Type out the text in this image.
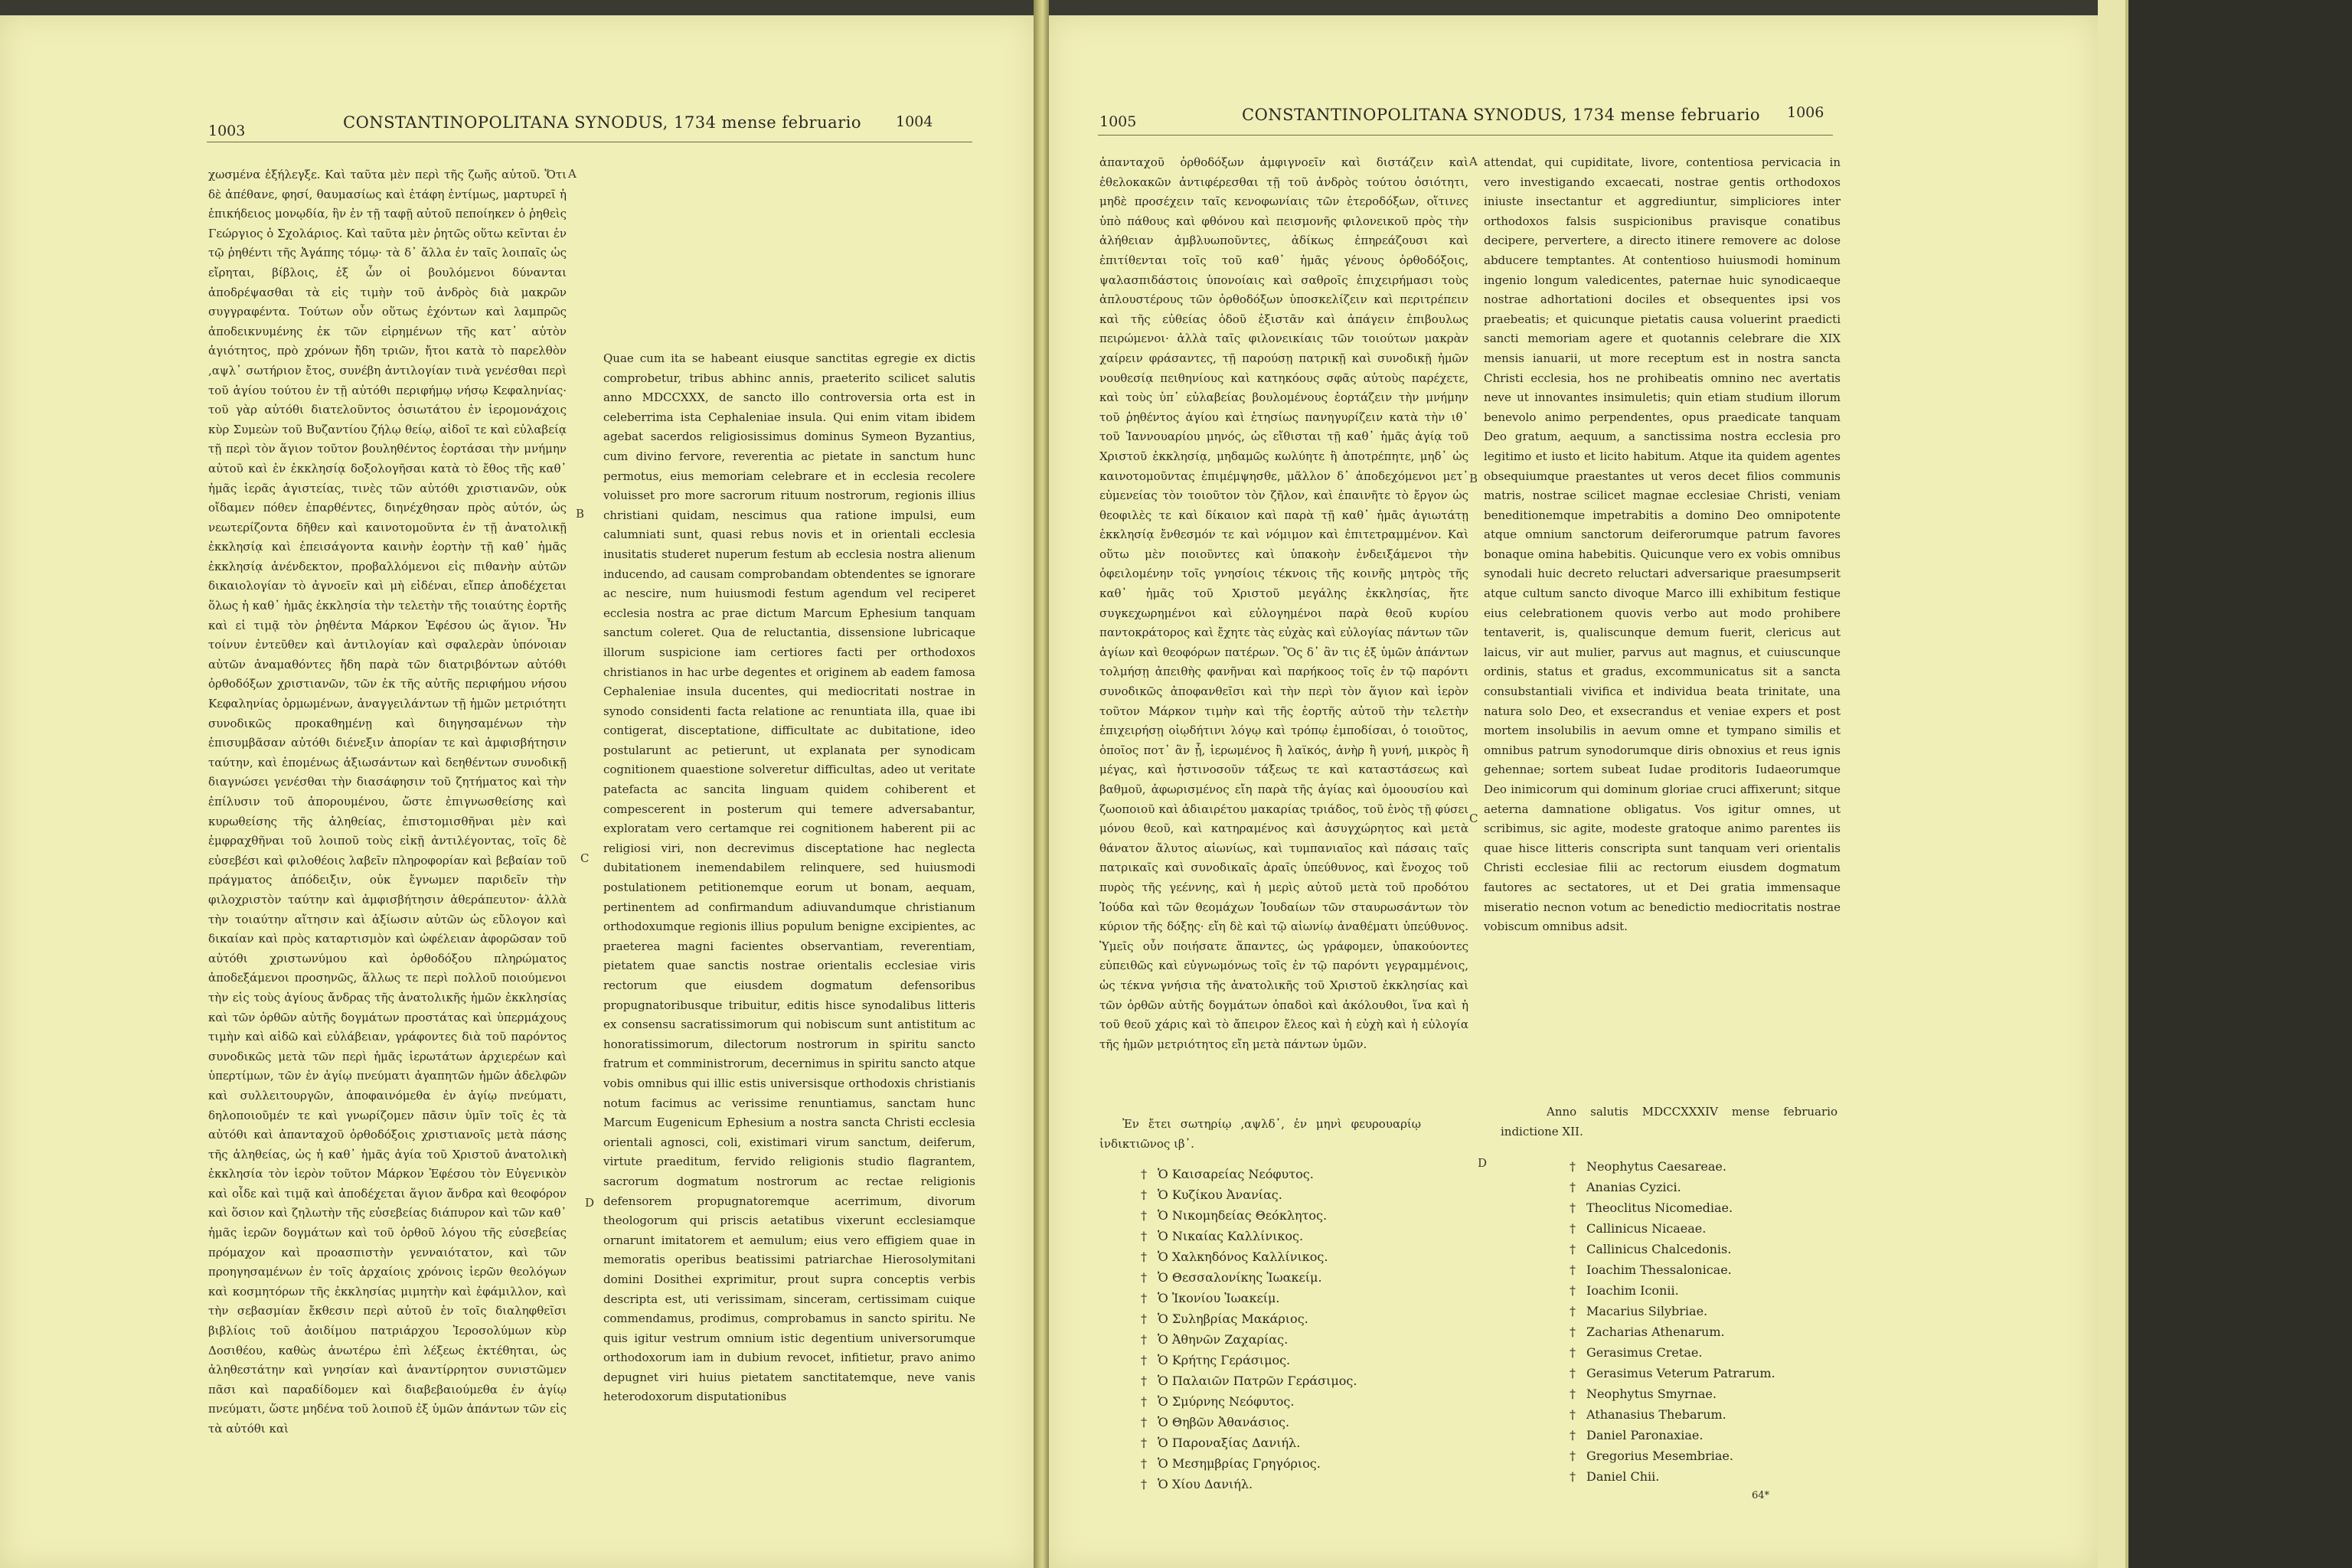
1003	CONSTANTINOPOLITANA SYNODUS, 1734 mense februario 1004

χωσμένα ἐξήλεγξε. Καὶ ταῦτα μὲν περὶ τῆς ζωῆς αὐτοῦ. Ὅτι δὲ ἀπέθανε, φησί, θαυμασίως καὶ ἐτάφη ἐντίμως, μαρτυρεῖ ἡ ἐπικήδειος μονῳδία, ἣν ἐν τῇ ταφῇ αὐτοῦ πεποίηκεν ὁ ῥηθεὶς Γεώργιος ὁ Σχολάριος. Καὶ ταῦτα μὲν ῥητῶς οὕτω κεῖνται ἐν τῷ ῥηθέντι τῆς Ἀγάπης τόμῳ· τὰ δ᾽ ἄλλα ἐν ταῖς λοιπαῖς ὡς εἴρηται, βίβλοις, ἐξ ὧν οἱ βουλόμενοι δύνανται ἀποδρέψασθαι τὰ εἰς τιμὴν τοῦ ἀνδρὸς διὰ μακρῶν συγγραφέντα. Τούτων οὖν οὕτως ἐχόντων καὶ λαμπρῶς ἀποδεικνυμένης ἐκ τῶν εἰρημένων τῆς κατ᾽ αὐτὸν ἁγιότητος, πρὸ χρόνων ἤδη τριῶν, ἤτοι κατὰ τὸ παρελθὸν ,αψλ᾽ σωτήριον ἔτος, συνέβη ἀντιλογίαν τινὰ γενέσθαι περὶ τοῦ ἁγίου τούτου ἐν τῇ αὐτόθι περιφήμῳ νήσῳ Κεφαληνίας· τοῦ γὰρ αὐτόθι διατελοῦντος ὁσιωτάτου ἐν ἱερομονάχοις κὺρ Συμεὼν τοῦ Βυζαντίου ζήλῳ θείῳ, αἰδοῖ τε καὶ εὐλαβείᾳ τῇ περὶ τὸν ἅγιον τοῦτον βουληθέντος ἑορτάσαι τὴν μνήμην αὐτοῦ καὶ ἐν ἐκκλησίᾳ δοξολογῆσαι κατὰ τὸ ἔθος τῆς καθ᾽ ἡμᾶς ἱερᾶς ἁγιστείας, τινὲς τῶν αὐτόθι χριστιανῶν, οὐκ οἴδαμεν πόθεν ἐπαρθέντες, διηνέχθησαν πρὸς αὐτόν, ὡς νεωτερίζοντα δῆθεν καὶ καινοτομοῦντα ἐν τῇ ἀνατολικῇ ἐκκλησίᾳ καὶ ἐπεισάγοντα καινὴν ἑορτὴν τῇ καθ᾽ ἡμᾶς ἐκκλησίᾳ ἀνένδεκτον, προβαλλόμενοι εἰς πιθανὴν αὐτῶν δικαιολογίαν τὸ ἀγνοεῖν καὶ μὴ εἰδέναι, εἴπερ ἀποδέχεται ὅλως ἡ καθ᾽ ἡμᾶς ἐκκλησία τὴν τελετὴν τῆς τοιαύτης ἑορτῆς καὶ εἰ τιμᾷ τὸν ῥηθέντα Μάρκον Ἐφέσου ὡς ἅγιον. Ἦν τοίνυν ἐντεῦθεν καὶ ἀντιλογίαν καὶ σφαλερὰν ὑπόνοιαν αὐτῶν ἀναμαθόντες ἤδη παρὰ τῶν διατριβόντων αὐτόθι ὀρθοδόξων χριστιανῶν, τῶν ἐκ τῆς αὐτῆς περιφήμου νήσου Κεφαληνίας ὁρμωμένων, ἀναγγειλάντων τῇ ἡμῶν μετριότητι συνοδικῶς προκαθημένῃ καὶ διηγησαμένων τὴν ἐπισυμβᾶσαν αὐτόθι διένεξιν ἀπορίαν τε καὶ ἀμφισβήτησιν ταύτην, καὶ ἐπομένως ἀξιωσάντων καὶ δεηθέντων συνοδικῇ διαγνώσει γενέσθαι τὴν διασάφησιν τοῦ ζητήματος καὶ τὴν ἐπίλυσιν τοῦ ἀπορουμένου, ὥστε ἐπιγνωσθείσης καὶ κυρωθείσης τῆς ἀληθείας, ἐπιστομισθῆναι μὲν καὶ ἐμφραχθῆναι τοῦ λοιποῦ τοὺς εἰκῇ ἀντιλέγοντας, τοῖς δὲ εὐσεβέσι καὶ φιλοθέοις λαβεῖν πληροφορίαν καὶ βεβαίαν τοῦ πράγματος ἀπόδειξιν, οὐκ ἔγνωμεν παριδεῖν τὴν φιλοχριστὸν ταύτην καὶ ἀμφισβήτησιν ἀθεράπευτον· ἀλλὰ τὴν τοιαύτην αἴτησιν καὶ ἀξίωσιν αὐτῶν ὡς εὔλογον καὶ δικαίαν καὶ πρὸς καταρτισμὸν καὶ ὠφέλειαν ἀφορῶσαν τοῦ αὐτόθι χριστωνύμου καὶ ὀρθοδόξου πληρώματος ἀποδεξάμενοι προσηνῶς, ἅλλως τε περὶ πολλοῦ ποιούμενοι τὴν εἰς τοὺς ἁγίους ἄνδρας τῆς ἀνατολικῆς ἡμῶν ἐκκλησίας καὶ τῶν ὀρθῶν αὐτῆς δογμάτων προστάτας καὶ ὑπερμάχους τιμὴν καὶ αἰδῶ καὶ εὐλάβειαν, γράφοντες διὰ τοῦ παρόντος συνοδικῶς μετὰ τῶν περὶ ἡμᾶς ἱερωτάτων ἀρχιερέων καὶ ὑπερτίμων, τῶν ἐν ἁγίῳ πνεύματι ἀγαπητῶν ἡμῶν ἀδελφῶν καὶ συλλειτουργῶν, ἀποφαινόμεθα ἐν ἁγίῳ πνεύματι, δηλοποιοῦμέν τε καὶ γνωρίζομεν πᾶσιν ὑμῖν τοῖς ἐς τὰ αὐτόθι καὶ ἁπανταχοῦ ὀρθοδόξοις χριστιανοῖς μετὰ πάσης τῆς ἀληθείας, ὡς ἡ καθ᾽ ἡμᾶς ἁγία τοῦ Χριστοῦ ἀνατολικὴ ἐκκλησία τὸν ἱερὸν τοῦτον Μάρκον Ἐφέσου τὸν Εὐγενικὸν καὶ οἶδε καὶ τιμᾷ καὶ ἀποδέχεται ἅγιον ἄνδρα καὶ θεοφόρον καὶ ὅσιον καὶ ζηλωτὴν τῆς εὐσεβείας διάπυρον καὶ τῶν καθ᾽ ἡμᾶς ἱερῶν δογμάτων καὶ τοῦ ὀρθοῦ λόγου τῆς εὐσεβείας πρόμαχον καὶ προασπιστὴν γενναιότατον, καὶ τῶν προηγησαμένων ἐν τοῖς ἀρχαίοις χρόνοις ἱερῶν θεολόγων καὶ κοσμητόρων τῆς ἐκκλησίας μιμητὴν καὶ ἐφάμιλλον, καὶ τὴν σεβασμίαν ἔκθεσιν περὶ αὐτοῦ ἐν τοῖς διαληφθεῖσι βιβλίοις τοῦ ἀοιδίμου πατριάρχου Ἱεροσολύμων κὺρ Δοσιθέου, καθὼς ἀνωτέρω ἐπὶ λέξεως ἐκτέθηται, ὡς ἀληθεστάτην καὶ γνησίαν καὶ ἀναντίρρητον συνιστῶμεν πᾶσι καὶ παραδίδομεν καὶ διαβεβαιούμεθα ἐν ἁγίῳ πνεύματι, ὥστε μηδένα τοῦ λοιποῦ ἐξ ὑμῶν ἁπάντων τῶν εἰς τὰ αὐτόθι καὶ

A
B
C
D

Quae cum ita se habeant eiusque sanctitas egregie ex dictis comprobetur, tribus abhinc annis, praeterito scilicet salutis anno MDCCXXX, de sancto illo controversia orta est in celeberrima ista Cephaleniae insula. Qui enim vitam ibidem agebat sacerdos religiosissimus dominus Symeon Byzantius, cum divino fervore, reverentia ac pietate in sanctum hunc permotus, eius memoriam celebrare et in ecclesia recolere voluisset pro more sacrorum rituum nostrorum, regionis illius christiani quidam, nescimus qua ratione impulsi, eum calumniati sunt, quasi rebus novis et in orientali ecclesia inusitatis studeret nuperum festum ab ecclesia nostra alienum inducendo, ad causam comprobandam obtendentes se ignorare ac nescire, num huiusmodi festum agendum vel reciperet ecclesia nostra ac prae dictum Marcum Ephesium tanquam sanctum coleret. Qua de reluctantia, dissensione lubricaque illorum suspicione iam certiores facti per orthodoxos christianos in hac urbe degentes et originem ab eadem famosa Cephaleniae insula ducentes, qui mediocritati nostrae in synodo considenti facta relatione ac renuntiata illa, quae ibi contigerat, disceptatione, difficultate ac dubitatione, ideo postularunt ac petierunt, ut explanata per synodicam cognitionem quaestione solveretur difficultas, adeo ut veritate patefacta ac sancita linguam quidem cohiberent et compescerent in posterum qui temere adversabantur, exploratam vero certamque rei cognitionem haberent pii ac religiosi viri, non decrevimus disceptatione hac neglecta dubitationem inemendabilem relinquere, sed huiusmodi postulationem petitionemque eorum ut bonam, aequam, pertinentem ad confirmandum adiuvandumque christianum orthodoxumque regionis illius populum benigne excipientes, ac praeterea magni facientes observantiam, reverentiam, pietatem quae sanctis nostrae orientalis ecclesiae viris rectorum que eiusdem dogmatum defensoribus propugnatoribusque tribuitur, editis hisce synodalibus litteris ex consensu sacratissimorum qui nobiscum sunt antistitum ac honoratissimorum, dilectorum nostrorum in spiritu sancto fratrum et comministrorum, decernimus in spiritu sancto atque vobis omnibus qui illic estis universisque orthodoxis christianis notum facimus ac verissime renuntiamus, sanctam hunc Marcum Eugenicum Ephesium a nostra sancta Christi ecclesia orientali agnosci, coli, existimari virum sanctum, deiferum, virtute praeditum, fervido religionis studio flagrantem, sacrorum dogmatum nostrorum ac rectae religionis defensorem propugnatoremque acerrimum, divorum theologorum qui priscis aetatibus vixerunt ecclesiamque ornarunt imitatorem et aemulum; eius vero effigiem quae in memoratis operibus beatissimi patriarchae Hierosolymitani domini Dosithei exprimitur, prout supra conceptis verbis descripta est, uti verissimam, sinceram, certissimam cuique commendamus, prodimus, comprobamus in sancto spiritu. Ne quis igitur vestrum omnium istic degentium universorumque orthodoxorum iam in dubium revocet, infitietur, pravo animo depugnet viri huius pietatem sanctitatemque, neve vanis heterodoxorum disputationibus

1005	CONSTANTINOPOLITANA SYNODUS, 1734 mense februario 1006

ἁπανταχοῦ ὀρθοδόξων ἀμφιγνοεῖν καὶ διστάζειν καὶ ἐθελοκακῶν ἀντιφέρεσθαι τῇ τοῦ ἀνδρὸς τούτου ὁσιότητι, μηδὲ προσέχειν ταῖς κενοφωνίαις τῶν ἑτεροδόξων, οἵτινες ὑπὸ πάθους καὶ φθόνου καὶ πεισμονῆς φιλονεικοῦ πρὸς τὴν ἀλήθειαν ἀμβλυωποῦντες, ἀδίκως ἐπηρεάζουσι καὶ ἐπιτίθενται τοῖς τοῦ καθ᾽ ἡμᾶς γένους ὀρθοδόξοις, ψαλασπιδάστοις ὑπονοίαις καὶ σαθροῖς ἐπιχειρήμασι τοὺς ἁπλουστέρους τῶν ὀρθοδόξων ὑποσκελίζειν καὶ περιτρέπειν καὶ τῆς εὐθείας ὁδοῦ ἐξιστᾶν καὶ ἀπάγειν ἐπιβουλως πειρώμενοι· ἀλλὰ ταῖς φιλονεικίαις τῶν τοιούτων μακρὰν χαίρειν φράσαντες, τῇ παρούσῃ πατρικῇ καὶ συνοδικῇ ἡμῶν νουθεσίᾳ πειθηνίους καὶ κατηκόους σφᾶς αὐτοὺς παρέχετε, καὶ τοὺς ὑπ᾽ εὐλαβείας βουλομένους ἑορτάζειν τὴν μνήμην τοῦ ῥηθέντος ἁγίου καὶ ἐτησίως πανηγυρίζειν κατὰ τὴν ιθ᾽ τοῦ Ἰαννουαρίου μηνός, ὡς εἴθισται τῇ καθ᾽ ἡμᾶς ἁγίᾳ τοῦ Χριστοῦ ἐκκλησίᾳ, μηδαμῶς κωλύητε ἢ ἀποτρέπητε, μηδ᾽ ὡς καινοτομοῦντας ἐπιμέμψησθε, μᾶλλον δ᾽ ἀποδεχόμενοι μετ᾽ εὐμενείας τὸν τοιοῦτον τὸν ζῆλον, καὶ ἐπαινῆτε τὸ ἔργον ὡς θεοφιλὲς τε καὶ δίκαιον καὶ παρὰ τῇ καθ᾽ ἡμᾶς ἁγιωτάτῃ ἐκκλησίᾳ ἔνθεσμόν τε καὶ νόμιμον καὶ ἐπιτετραμμένον. Καὶ οὕτω μὲν ποιοῦντες καὶ ὑπακοὴν ἐνδειξάμενοι τὴν ὀφειλομένην τοῖς γνησίοις τέκνοις τῆς κοινῆς μητρὸς τῆς καθ᾽ ἡμᾶς τοῦ Χριστοῦ μεγάλης ἐκκλησίας, ἥτε συγκεχωρημένοι καὶ εὐλογημένοι παρὰ θεοῦ κυρίου παντοκράτορος καὶ ἔχητε τὰς εὐχὰς καὶ εὐλογίας πάντων τῶν ἁγίων καὶ θεοφόρων πατέρων. Ὃς δ᾽ ἂν τις ἐξ ὑμῶν ἁπάντων τολμήσῃ ἀπειθὴς φανῆναι καὶ παρήκοος τοῖς ἐν τῷ παρόντι συνοδικῶς ἀποφανθεῖσι καὶ τὴν περὶ τὸν ἅγιον καὶ ἱερὸν τοῦτον Μάρκον τιμὴν καὶ τῆς ἑορτῆς αὐτοῦ τὴν τελετὴν ἐπιχειρήσῃ οἱῳδήτινι λόγῳ καὶ τρόπῳ ἐμποδίσαι, ὁ τοιοῦτος, ὁποῖος ποτ᾽ ἂν ᾖ, ἱερωμένος ἢ λαϊκός, ἀνὴρ ἢ γυνή, μικρὸς ἢ μέγας, καὶ ἡστινοσοῦν τάξεως τε καὶ καταστάσεως καὶ βαθμοῦ, ἀφωρισμένος εἴη παρὰ τῆς ἁγίας καὶ ὁμοουσίου καὶ ζωοποιοῦ καὶ ἀδιαιρέτου μακαρίας τριάδος, τοῦ ἑνὸς τῇ φύσει μόνου θεοῦ, καὶ κατηραμένος καὶ ἀσυγχώρητος καὶ μετὰ θάνατον ἄλυτος αἰωνίως, καὶ τυμπανιαῖος καὶ πάσαις ταῖς πατρικαῖς καὶ συνοδικαῖς ἀραῖς ὑπεύθυνος, καὶ ἔνοχος τοῦ πυρὸς τῆς γεέννης, καὶ ἡ μερὶς αὐτοῦ μετὰ τοῦ προδότου Ἰούδα καὶ τῶν θεομάχων Ἰουδαίων τῶν σταυρωσάντων τὸν κύριον τῆς δόξης· εἴη δὲ καὶ τῷ αἰωνίῳ ἀναθέματι ὑπεύθυνος. Ὑμεῖς οὖν ποιήσατε ἅπαντες, ὡς γράφομεν, ὑπακούοντες εὐπειθῶς καὶ εὐγνωμόνως τοῖς ἐν τῷ παρόντι γεγραμμένοις, ὡς τέκνα γνήσια τῆς ἀνατολικῆς τοῦ Χριστοῦ ἐκκλησίας καὶ τῶν ὀρθῶν αὐτῆς δογμάτων ὀπαδοὶ καὶ ἀκόλουθοι, ἵνα καὶ ἡ τοῦ θεοῦ χάρις καὶ τὸ ἄπειρον ἔλεος καὶ ἡ εὐχὴ καὶ ἡ εὐλογία τῆς ἡμῶν μετριότητος εἴη μετὰ πάντων ὑμῶν.

Ἐν ἔτει σωτηρίῳ ,αψλδ᾽, ἐν μηνὶ φευρουαρίῳ ἰνδικτιῶνος ιβ᾽.

A
B
C
D

attendat, qui cupiditate, livore, contentiosa pervicacia in vero investigando excaecati, nostrae gentis orthodoxos iniuste insectantur et aggrediuntur, simpliciores inter orthodoxos falsis suspicionibus pravisque conatibus decipere, pervertere, a directo itinere removere ac dolose abducere temptantes. At contentioso huiusmodi hominum ingenio longum valedicentes, paternae huic synodicaeque nostrae adhortationi dociles et obsequentes ipsi vos praebeatis; et quicunque pietatis causa voluerint praedicti sancti memoriam agere et quotannis celebrare die XIX mensis ianuarii, ut more receptum est in nostra sancta Christi ecclesia, hos ne prohibeatis omnino nec avertatis neve ut innovantes insimuletis; quin etiam studium illorum benevolo animo perpendentes, opus praedicate tanquam Deo gratum, aequum, a sanctissima nostra ecclesia pro legitimo et iusto et licito habitum. Atque ita quidem agentes obsequiumque praestantes ut veros decet filios communis matris, nostrae scilicet magnae ecclesiae Christi, veniam beneditionemque impetrabitis a domino Deo omnipotente atque omnium sanctorum deiferorumque patrum favores bonaque omina habebitis. Quicunque vero ex vobis omnibus synodali huic decreto reluctari adversarique praesumpserit atque cultum sancto divoque Marco illi exhibitum festique eius celebrationem quovis verbo aut modo prohibere tentaverit, is, qualiscunque demum fuerit, clericus aut laicus, vir aut mulier, parvus aut magnus, et cuiuscunque ordinis, status et gradus, excommunicatus sit a sancta consubstantiali vivifica et individua beata trinitate, una natura solo Deo, et exsecrandus et veniae expers et post mortem insolubilis in aevum omne et tympano similis et omnibus patrum synodorumque diris obnoxius et reus ignis gehennae; sortem subeat Iudae proditoris Iudaeorumque Deo inimicorum qui dominum gloriae cruci affixerunt; sitque aeterna damnatione obligatus. Vos igitur omnes, ut scribimus, sic agite, modeste gratoque animo parentes iis quae hisce litteris conscripta sunt tanquam veri orientalis Christi ecclesiae filii ac rectorum eiusdem dogmatum fautores ac sectatores, ut et Dei gratia immensaque miseratio necnon votum ac benedictio mediocritatis nostrae vobiscum omnibus adsit.

Anno salutis MDCCXXXIV mense februario indictione XII.

† Ὁ Καισαρείας Νεόφυτος.
† Ὁ Κυζίκου Ἀνανίας.
† Ὁ Νικομηδείας Θεόκλητος.
† Ὁ Νικαίας Καλλίνικος.
† Ὁ Χαλκηδόνος Καλλίνικος.
† Ὁ Θεσσαλονίκης Ἰωακείμ.
† Ὁ Ἰκονίου Ἰωακείμ.
† Ὁ Συληβρίας Μακάριος.
† Ὁ Ἀθηνῶν Ζαχαρίας.
† Ὁ Κρήτης Γεράσιμος.
† Ὁ Παλαιῶν Πατρῶν Γεράσιμος.
† Ὁ Σμύρνης Νεόφυτος.
† Ὁ Θηβῶν Ἀθανάσιος.
† Ὁ Παροναξίας Δανιήλ.
† Ὁ Μεσημβρίας Γρηγόριος.
† Ὁ Χίου Δανιήλ.
† Neophytus Caesareae.
† Ananias Cyzici.
† Theoclitus Nicomediae.
† Callinicus Nicaeae.
† Callinicus Chalcedonis.
† Ioachim Thessalonicae.
† Ioachim Iconii.
† Macarius Silybriae.
† Zacharias Athenarum.
† Gerasimus Cretae.
† Gerasimus Veterum Patrarum.
† Neophytus Smyrnae.
† Athanasius Thebarum.
† Daniel Paronaxiae.
† Gregorius Mesembriae.
† Daniel Chii.
64*
